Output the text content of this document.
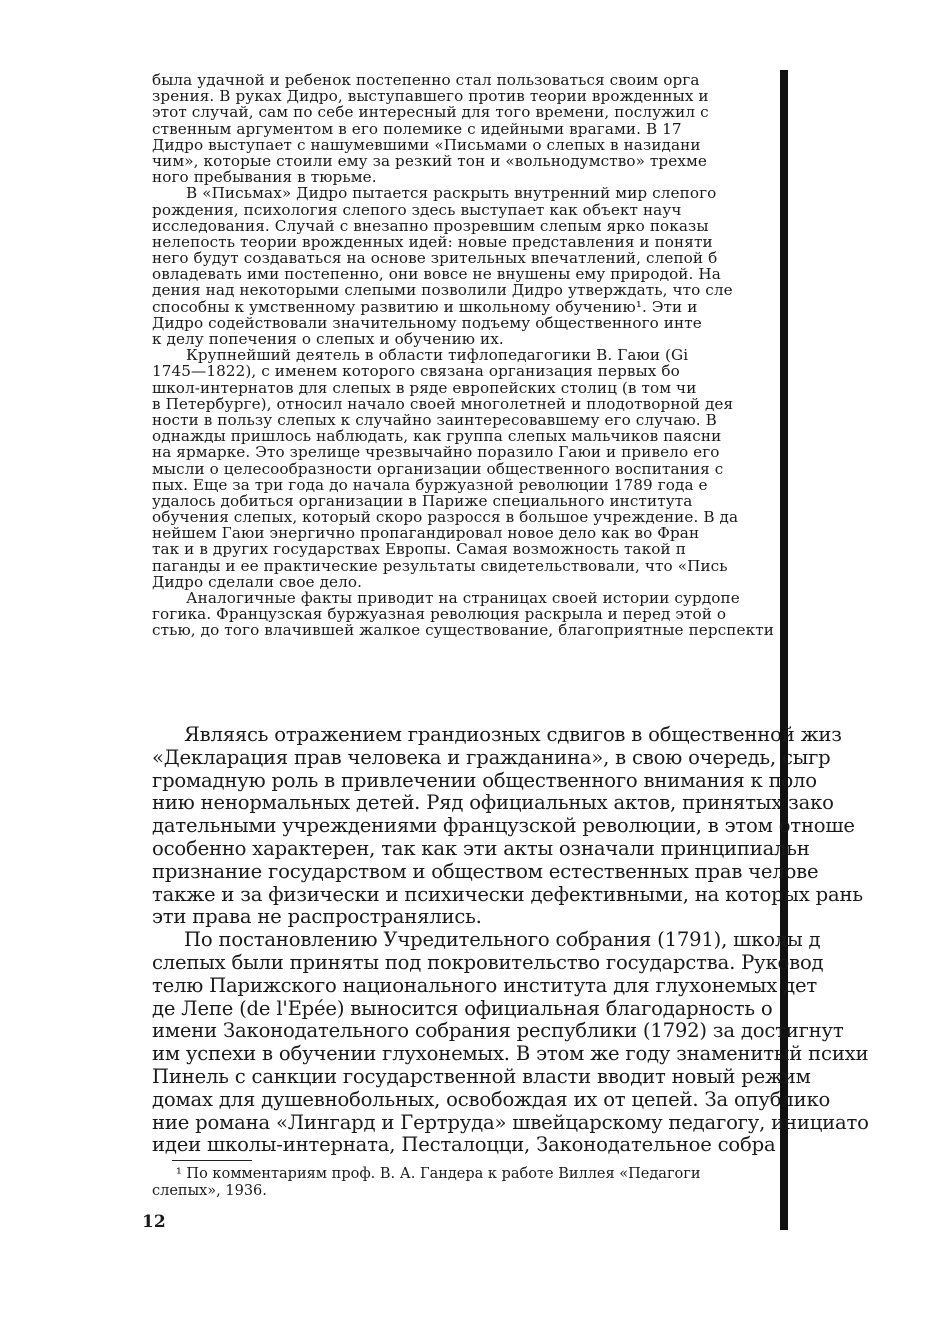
была удачной и ребенок постепенно стал пользоваться своим орга
зрения. В руках Дидро, выступавшего против теории врожденных и
этот случай, сам по себе интересный для того времени, послужил с
ственным аргументом в его полемике с идейными врагами. В 17
Дидро выступает с нашумевшими «Письмами о слепых в назидани
чим», которые стоили ему за резкий тон и «вольнодумство» трехме
ного пребывания в тюрьме.
В «Письмах» Дидро пытается раскрыть внутренний мир слепого
рождения, психология слепого здесь выступает как объект науч
исследования. Случай с внезапно прозревшим слепым ярко показы
нелепость теории врожденных идей: новые представления и поняти
него будут создаваться на основе зрительных впечатлений, слепой б
овладевать ими постепенно, они вовсе не внушены ему природой. На
дения над некоторыми слепыми позволили Дидро утверждать, что сле
способны к умственному развитию и школьному обучению¹. Эти и
Дидро содействовали значительному подъему общественного инте
к делу попечения о слепых и обучению их.
Крупнейший деятель в области тифлопедагогики В. Гаюи (Gi
1745—1822), с именем которого связана организация первых бо
школ-интернатов для слепых в ряде европейских столиц (в том чи
в Петербурге), относил начало своей многолетней и плодотворной дея
ности в пользу слепых к случайно заинтересовавшему его случаю. В
однажды пришлось наблюдать, как группа слепых мальчиков паясни
на ярмарке. Это зрелище чрезвычайно поразило Гаюи и привело его
мысли о целесообразности организации общественного воспитания с
пых. Еще за три года до начала буржуазной революции 1789 года е
удалось добиться организации в Париже специального института
обучения слепых, который скоро разросся в большое учреждение. В да
нейшем Гаюи энергично пропагандировал новое дело как во Фран
так и в других государствах Европы. Самая возможность такой п
паганды и ее практические результаты свидетельствовали, что «Пись
Дидро сделали свое дело.
Аналогичные факты приводит на страницах своей истории сурдопе
гогика. Французская буржуазная революция раскрыла и перед этой о
стью, до того влачившей жалкое существование, благоприятные перспекти
Являясь отражением грандиозных сдвигов в общественной жиз
«Декларация прав человека и гражданина», в свою очередь, сыгр
громадную роль в привлечении общественного внимания к поло
нию ненормальных детей. Ряд официальных актов, принятых зако
дательными учреждениями французской революции, в этом отноше
особенно характерен, так как эти акты означали принципиальн
признание государством и обществом естественных прав челове
также и за физически и психически дефективными, на которых рань
эти права не распространялись.
По постановлению Учредительного собрания (1791), школы д
слепых были приняты под покровительство государства. Руковод
телю Парижского национального института для глухонемых дет
де Лепе (de l'Epée) выносится официальная благодарность о
имени Законодательного собрания республики (1792) за достигнут
им успехи в обучении глухонемых. В этом же году знаменитый психи
Пинель с санкции государственной власти вводит новый режим
домах для душевнобольных, освобождая их от цепей. За опублико
ние романа «Лингард и Гертруда» швейцарскому педагогу, инициато
идеи школы-интерната, Песталоцци, Законодательное собра
¹ По комментариям проф. В. А. Гандера к работе Виллея «Педагоги
слепых», 1936.
12
